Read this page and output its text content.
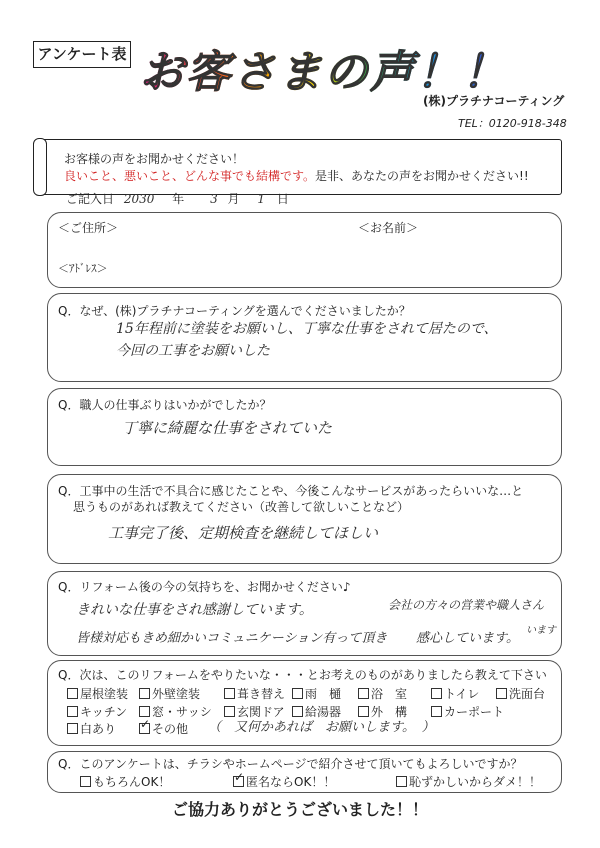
アンケート表 お客さまの声！！
(株)プラチナコーティング
TEL：0120-918-348
お客様の声をお聞かせください！
良いこと、悪いこと、どんな事でも結構です。是非、あなたの声をお聞かせください!!
ご記入日 2030 年 3 月 1 日
＜ご住所＞	＜お名前＞
＜ｱﾄﾞﾚｽ＞
Q．なぜ、(株)プラチナコーティングを選んでくださいましたか？
15年程前に塗装をお願いし、丁寧な仕事をされて居たので、
今回の工事をお願いした
Q．職人の仕事ぶりはいかがでしたか？
丁寧に綺麗な仕事をされていた
Q．工事中の生活で不具合に感じたことや、今後こんなサービスがあったらいいな…と
思うものがあれば教えてください（改善して欲しいことなど）
工事完了後、定期検査を継続してほしい
Q．リフォーム後の今の気持ちを、お聞かせください♪
きれいな仕事をされ感謝しています。	会社の方々の営業や職人さん
皆様対応もきめ細かいコミュニケーション有って頂き 感心しています。
います
Q．次は、このリフォームをやりたいな・・・とお考えのものがありましたら教えて下さい
屋根塗装	外壁塗装	葺き替え	雨　樋	浴　室	トイレ	洗面台
キッチン	窓・サッシ	玄関ドア	給湯器	外　構	カーポート
白あり ✓ その他 （　又何かあれば　お願いします。　）
Q．このアンケートは、チラシやホームページで紹介させて頂いてもよろしいですか？
もちろんOK！	✓ 匿名ならOK！！	恥ずかしいからダメ！！
ご協力ありがとうございました！！
